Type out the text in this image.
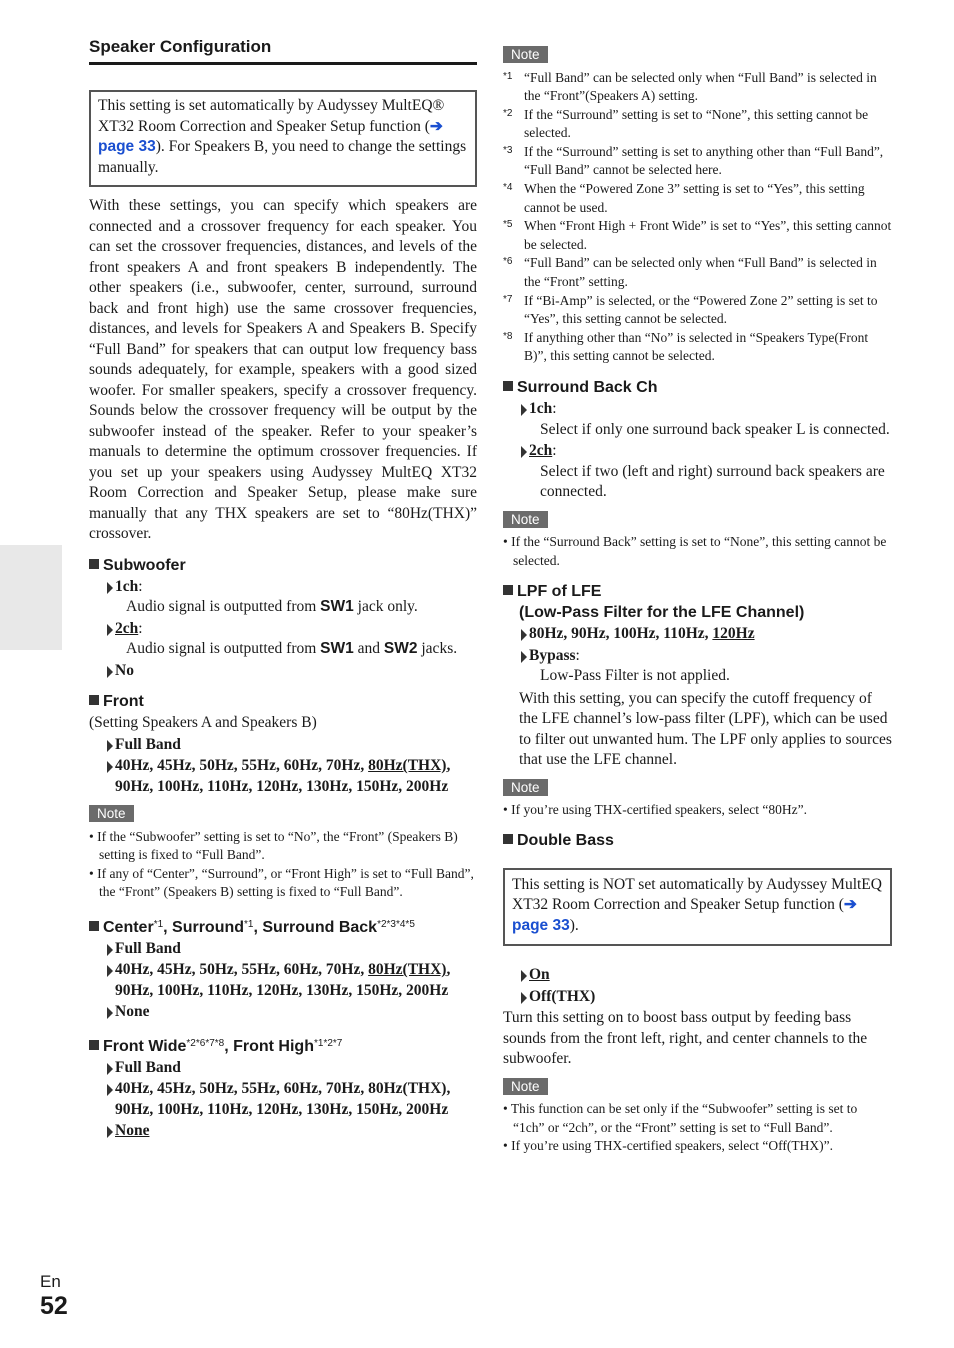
Speaker Configuration
This setting is set automatically by Audyssey MultEQ® XT32 Room Correction and Speaker Setup function (➔ page 33). For Speakers B, you need to change the settings manually.
With these settings, you can specify which speakers are connected and a crossover frequency for each speaker. You can set the crossover frequencies, distances, and levels of the front speakers A and front speakers B independently. The other speakers (i.e., subwoofer, center, surround, surround back and front high) use the same crossover frequencies, distances, and levels for Speakers A and Speakers B. Specify “Full Band” for speakers that can output low frequency bass sounds adequately, for example, speakers with a good sized woofer. For smaller speakers, specify a crossover frequency. Sounds below the crossover frequency will be output by the subwoofer instead of the speaker. Refer to your speaker’s manuals to determine the optimum crossover frequencies. If you set up your speakers using Audyssey MultEQ XT32 Room Correction and Speaker Setup, please make sure manually that any THX speakers are set to “80Hz(THX)” crossover.
Subwoofer
1ch:
Audio signal is outputted from SW1 jack only.
2ch:
Audio signal is outputted from SW1 and SW2 jacks.
No
Front
(Setting Speakers A and Speakers B)
Full Band
40Hz, 45Hz, 50Hz, 55Hz, 60Hz, 70Hz, 80Hz(THX), 90Hz, 100Hz, 110Hz, 120Hz, 130Hz, 150Hz, 200Hz
Note
• If the “Subwoofer” setting is set to “No”, the “Front” (Speakers B) setting is fixed to “Full Band”.
• If any of “Center”, “Surround”, or “Front High” is set to “Full Band”, the “Front” (Speakers B) setting is fixed to “Full Band”.
Center$^{*1}$, Surround$^{*1}$, Surround Back$^{*2*3*4*5}$
Full Band
40Hz, 45Hz, 50Hz, 55Hz, 60Hz, 70Hz, 80Hz(THX), 90Hz, 100Hz, 110Hz, 120Hz, 130Hz, 150Hz, 200Hz
None
Front Wide$^{*2*6*7*8}$, Front High$^{*1*2*7}$
Full Band
40Hz, 45Hz, 50Hz, 55Hz, 60Hz, 70Hz, 80Hz(THX), 90Hz, 100Hz, 110Hz, 120Hz, 130Hz, 150Hz, 200Hz
None
Note
*1 “Full Band” can be selected only when “Full Band” is selected in the “Front”(Speakers A) setting.
*2 If the “Surround” setting is set to “None”, this setting cannot be selected.
*3 If the “Surround” setting is set to anything other than “Full Band”, “Full Band” cannot be selected here.
*4 When the “Powered Zone 3” setting is set to “Yes”, this setting cannot be used.
*5 When “Front High + Front Wide” is set to “Yes”, this setting cannot be selected.
*6 “Full Band” can be selected only when “Full Band” is selected in the “Front” setting.
*7 If “Bi-Amp” is selected, or the “Powered Zone 2” setting is set to “Yes”, this setting cannot be selected.
*8 If anything other than “No” is selected in “Speakers Type(Front B)”, this setting cannot be selected.
Surround Back Ch
1ch:
Select if only one surround back speaker L is connected.
2ch:
Select if two (left and right) surround back speakers are connected.
Note
• If the “Surround Back” setting is set to “None”, this setting cannot be selected.
LPF of LFE
(Low-Pass Filter for the LFE Channel)
80Hz, 90Hz, 100Hz, 110Hz, 120Hz
Bypass:
Low-Pass Filter is not applied.
With this setting, you can specify the cutoff frequency of the LFE channel’s low-pass filter (LPF), which can be used to filter out unwanted hum. The LPF only applies to sources that use the LFE channel.
Note
• If you’re using THX-certified speakers, select “80Hz”.
Double Bass
This setting is NOT set automatically by Audyssey MultEQ XT32 Room Correction and Speaker Setup function (➔ page 33).
On
Off(THX)
Turn this setting on to boost bass output by feeding bass sounds from the front left, right, and center channels to the subwoofer.
Note
• This function can be set only if the “Subwoofer” setting is set to “1ch” or “2ch”, or the “Front” setting is set to “Full Band”.
• If you’re using THX-certified speakers, select “Off(THX)”.
En
52
